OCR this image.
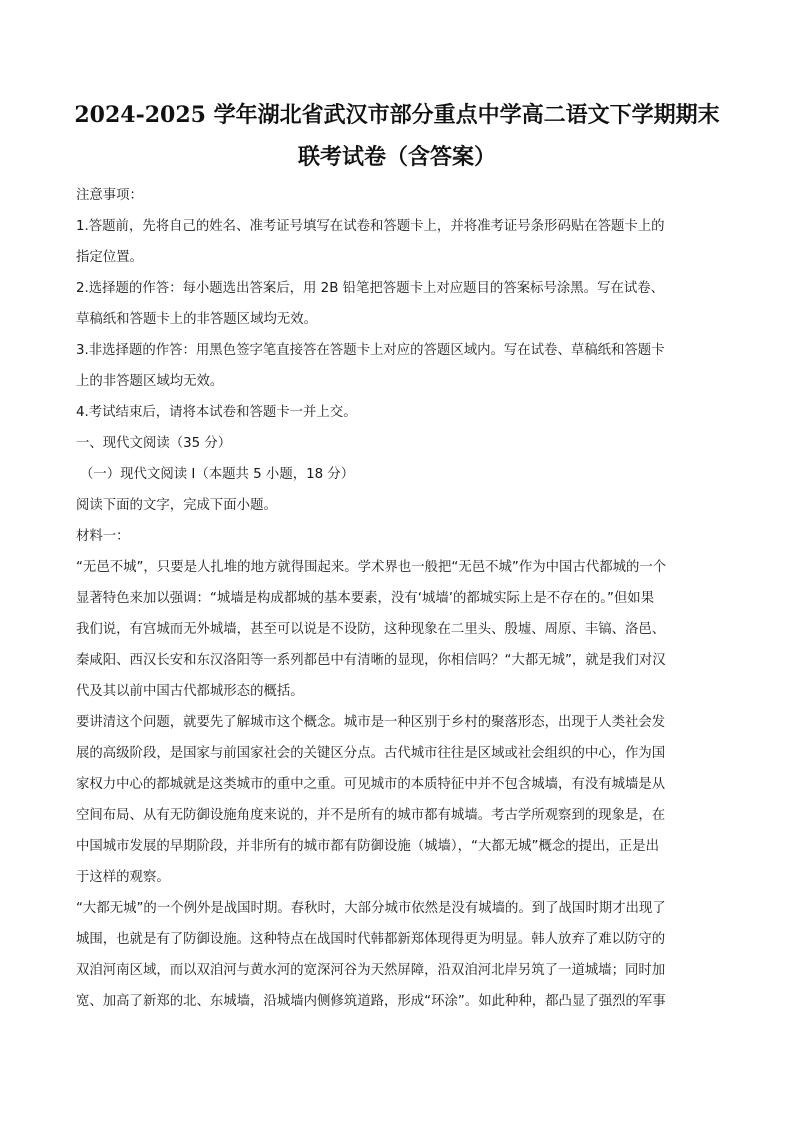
2024-2025 学年湖北省武汉市部分重点中学高二语文下学期期末
联考试卷（含答案）
注意事项：
1.答题前，先将自己的姓名、准考证号填写在试卷和答题卡上，并将准考证号条形码贴在答题卡上的
指定位置。
2.选择题的作答：每小题选出答案后，用 2B 铅笔把答题卡上对应题目的答案标号涂黑。写在试卷、
草稿纸和答题卡上的非答题区域均无效。
3.非选择题的作答：用黑色签字笔直接答在答题卡上对应的答题区域内。写在试卷、草稿纸和答题卡
上的非答题区域均无效。
4.考试结束后，请将本试卷和答题卡一并上交。
一、现代文阅读（35 分）
（一）现代文阅读 I（本题共 5 小题，18 分）
阅读下面的文字，完成下面小题。
材料一：
“无邑不城”，只要是人扎堆的地方就得围起来。学术界也一般把“无邑不城”作为中国古代都城的一个
显著特色来加以强调：“城墙是构成都城的基本要素，没有‘城墙’的都城实际上是不存在的。”但如果
我们说，有宫城而无外城墙，甚至可以说是不设防，这种现象在二里头、殷墟、周原、丰镐、洛邑、
秦咸阳、西汉长安和东汉洛阳等一系列都邑中有清晰的显现，你相信吗？“大都无城”，就是我们对汉
代及其以前中国古代都城形态的概括。
要讲清这个问题，就要先了解城市这个概念。城市是一种区别于乡村的聚落形态，出现于人类社会发
展的高级阶段，是国家与前国家社会的关键区分点。古代城市往往是区域或社会组织的中心，作为国
家权力中心的都城就是这类城市的重中之重。可见城市的本质特征中并不包含城墙，有没有城墙是从
空间布局、从有无防御设施角度来说的，并不是所有的城市都有城墙。考古学所观察到的现象是，在
中国城市发展的早期阶段，并非所有的城市都有防御设施（城墙），“大都无城”概念的提出，正是出
于这样的观察。
“大都无城”的一个例外是战国时期。春秋时，大部分城市依然是没有城墙的。到了战国时期才出现了
城围，也就是有了防御设施。这种特点在战国时代韩都新郑体现得更为明显。韩人放弃了难以防守的
双洎河南区域，而以双洎河与黄水河的宽深河谷为天然屏障，沿双洎河北岸另筑了一道城墙；同时加
宽、加高了新郑的北、东城墙，沿城墙内侧修筑道路，形成“环涂”。如此种种，都凸显了强烈的军事
